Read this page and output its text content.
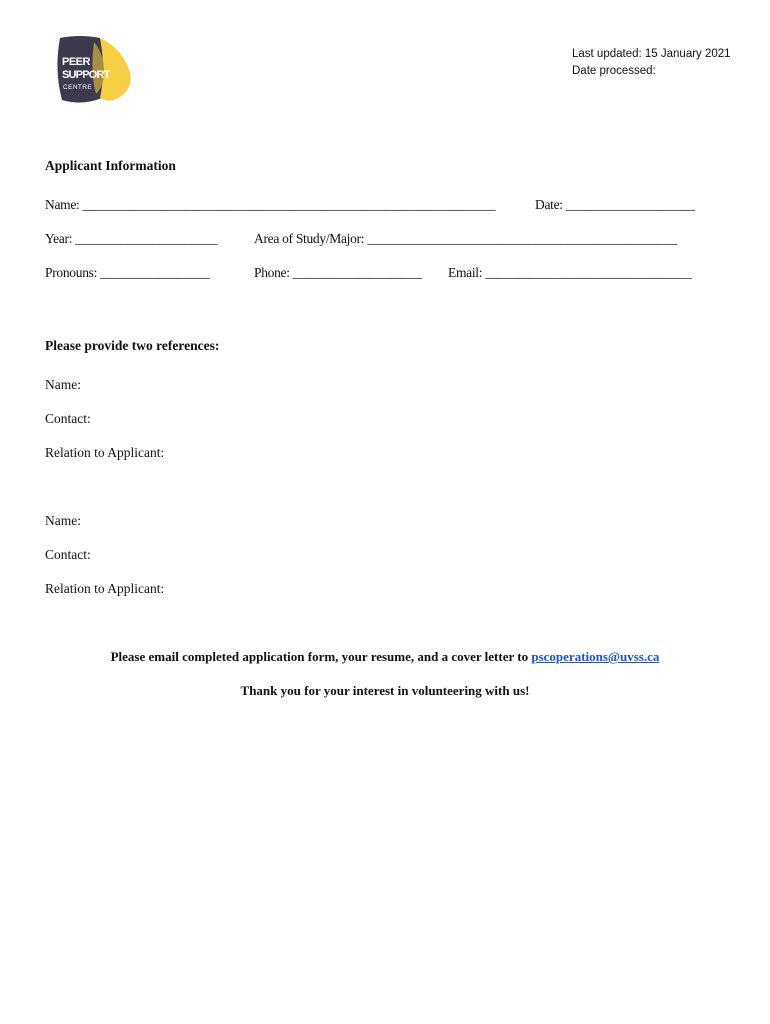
PEER
SUPPORT
CENTRE
Last updated: 15 January 2021
Date processed:
Applicant Information
Name: ________________________________________________________________	Date: ____________________
Year: ______________________	Area of Study/Major: ________________________________________________
Pronouns: _________________	Phone: ____________________ Email: ________________________________
Please provide two references:
Name:
Contact:
Relation to Applicant:
Name:
Contact:
Relation to Applicant:
Please email completed application form, your resume, and a cover letter to pscoperations@uvss.ca
Thank you for your interest in volunteering with us!
